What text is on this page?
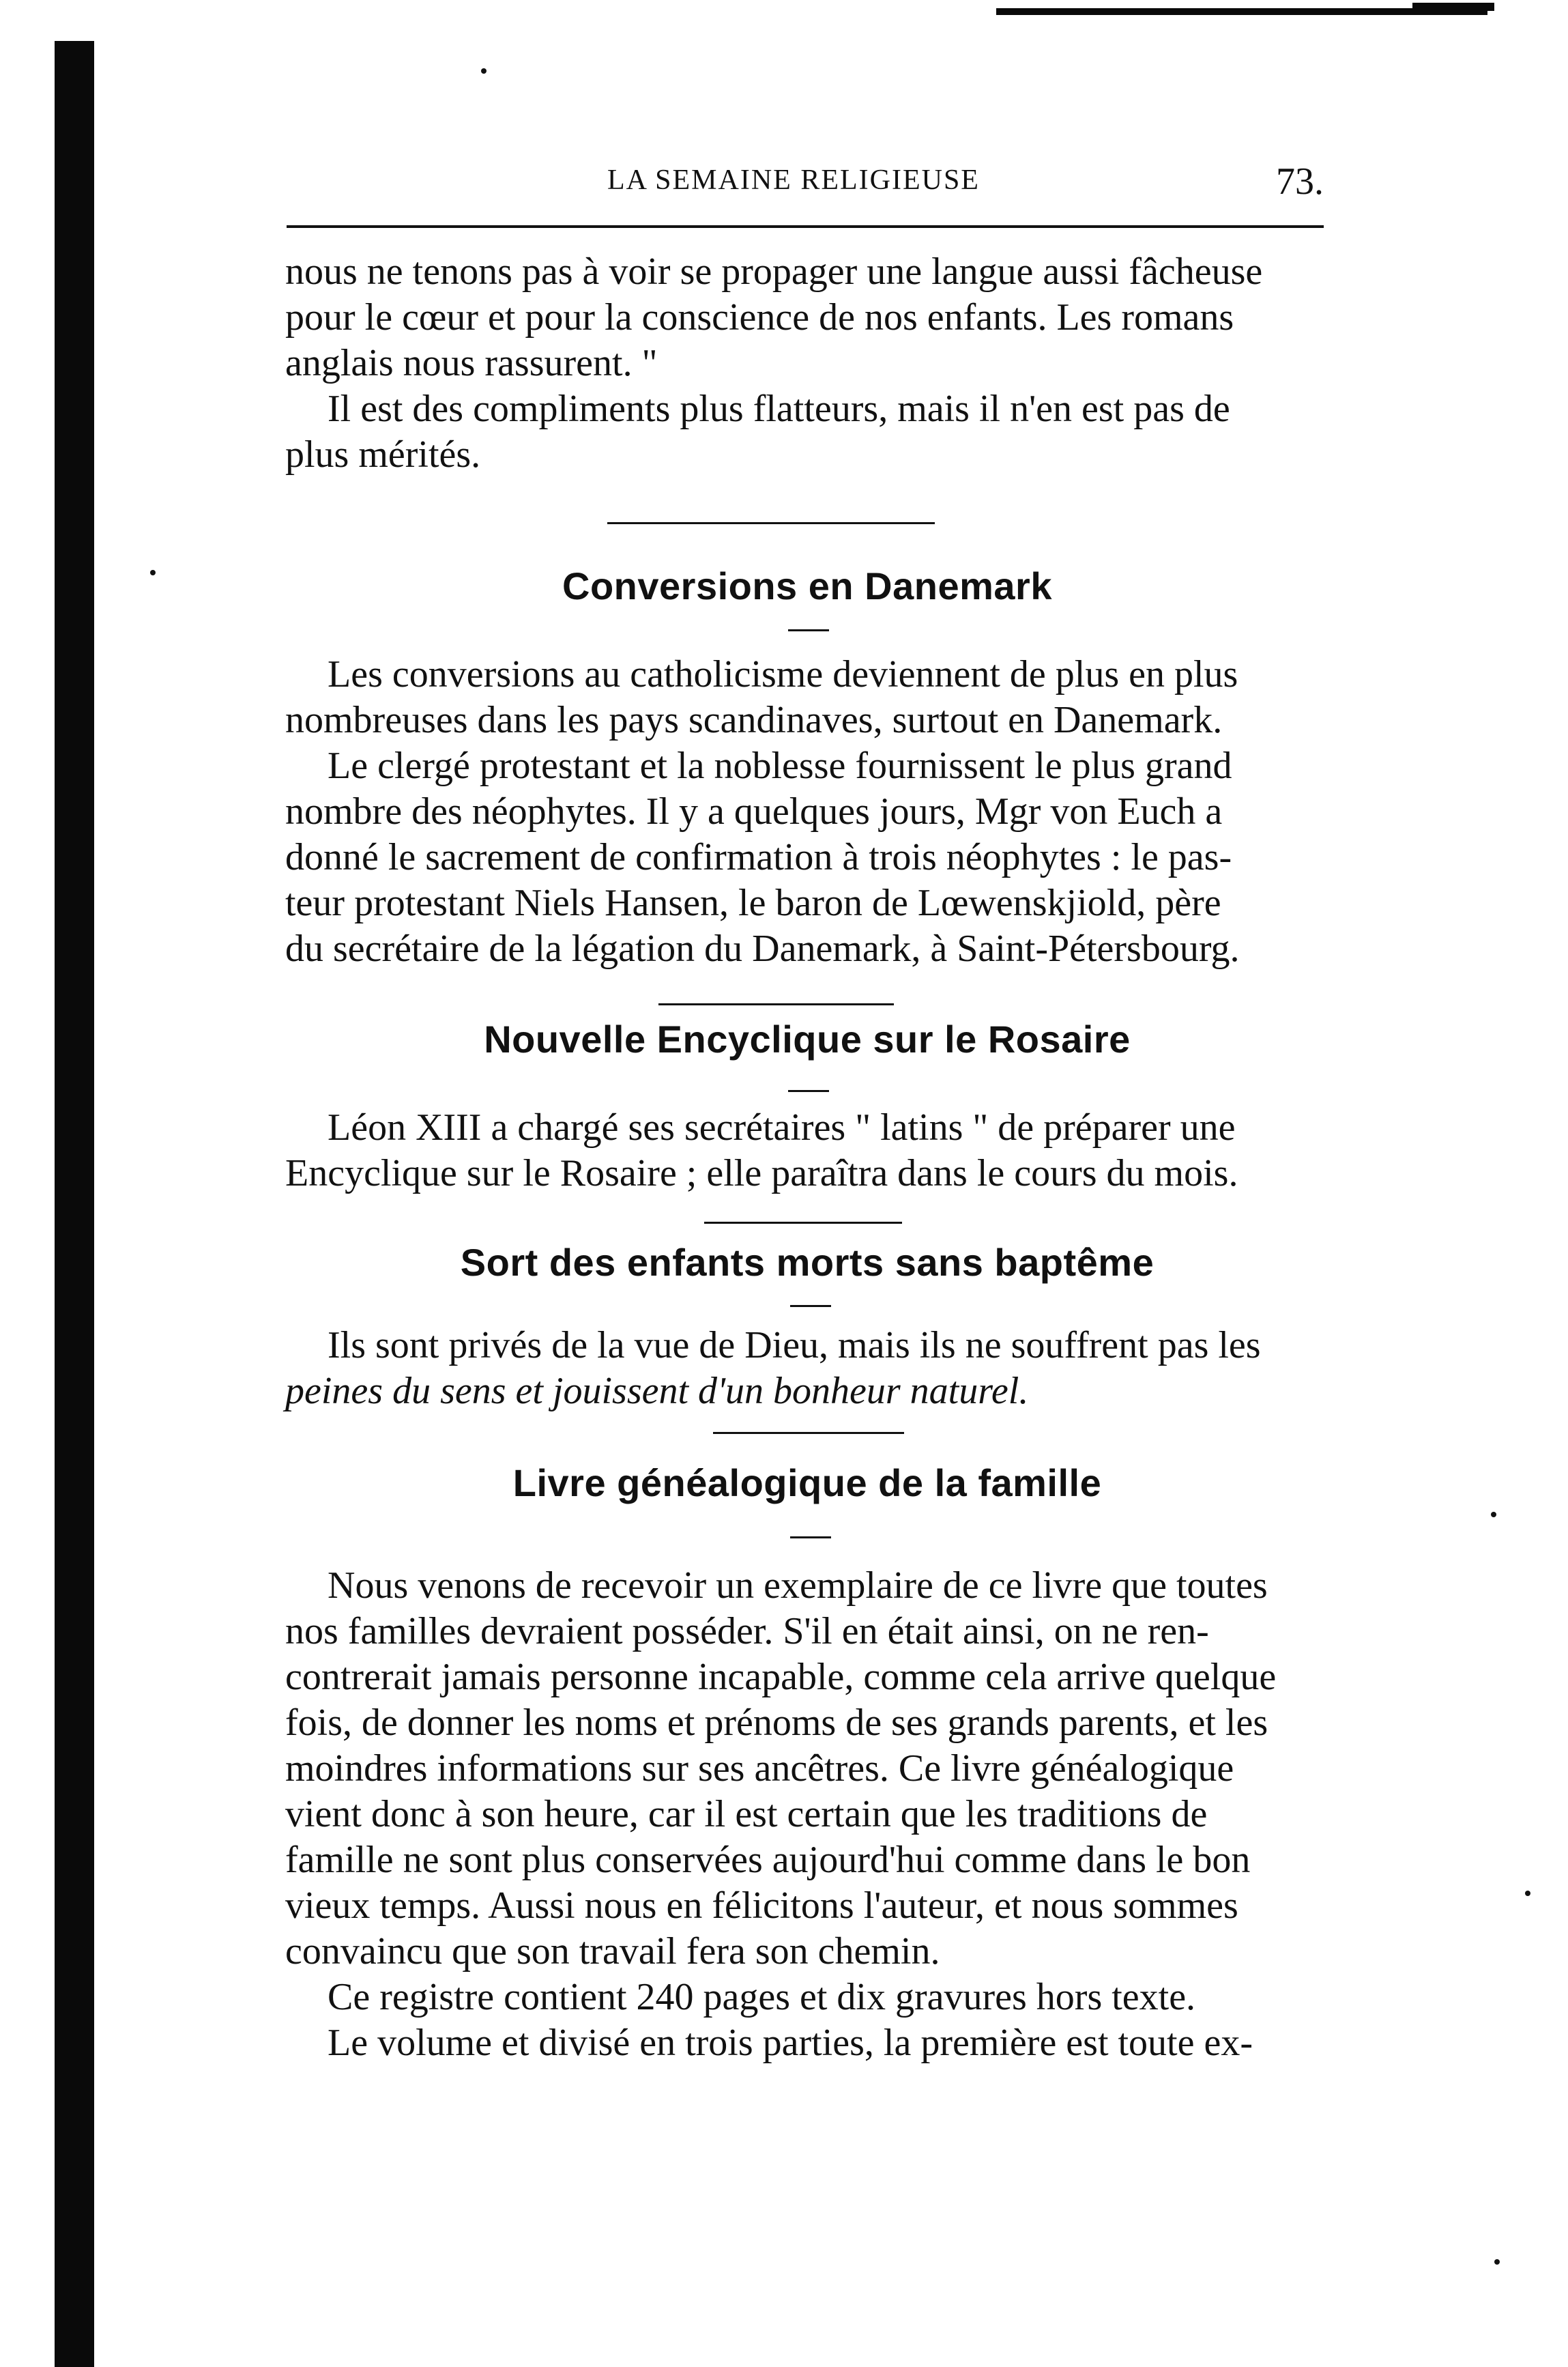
LA SEMAINE RELIGIEUSE	73.
nous ne tenons pas à voir se propager une langue aussi fâcheuse
pour le cœur et pour la conscience de nos enfants. Les romans
anglais nous rassurent. "
Il est des compliments plus flatteurs, mais il n'en est pas de
plus mérités.
Conversions en Danemark
Les conversions au catholicisme deviennent de plus en plus
nombreuses dans les pays scandinaves, surtout en Danemark.
Le clergé protestant et la noblesse fournissent le plus grand
nombre des néophytes. Il y a quelques jours, Mgr von Euch a
donné le sacrement de confirmation à trois néophytes : le pas-
teur protestant Niels Hansen, le baron de Lœwenskjiold, père
du secrétaire de la légation du Danemark, à Saint-Pétersbourg.
Nouvelle Encyclique sur le Rosaire
Léon XIII a chargé ses secrétaires " latins " de préparer une
Encyclique sur le Rosaire ; elle paraîtra dans le cours du mois.
Sort des enfants morts sans baptême
Ils sont privés de la vue de Dieu, mais ils ne souffrent pas les
peines du sens et jouissent d'un bonheur naturel.
Livre généalogique de la famille
Nous venons de recevoir un exemplaire de ce livre que toutes
nos familles devraient posséder. S'il en était ainsi, on ne ren-
contrerait jamais personne incapable, comme cela arrive quelque
fois, de donner les noms et prénoms de ses grands parents, et les
moindres informations sur ses ancêtres. Ce livre généalogique
vient donc à son heure, car il est certain que les traditions de
famille ne sont plus conservées aujourd'hui comme dans le bon
vieux temps. Aussi nous en félicitons l'auteur, et nous sommes
convaincu que son travail fera son chemin.
Ce registre contient 240 pages et dix gravures hors texte.
Le volume et divisé en trois parties, la première est toute ex-
